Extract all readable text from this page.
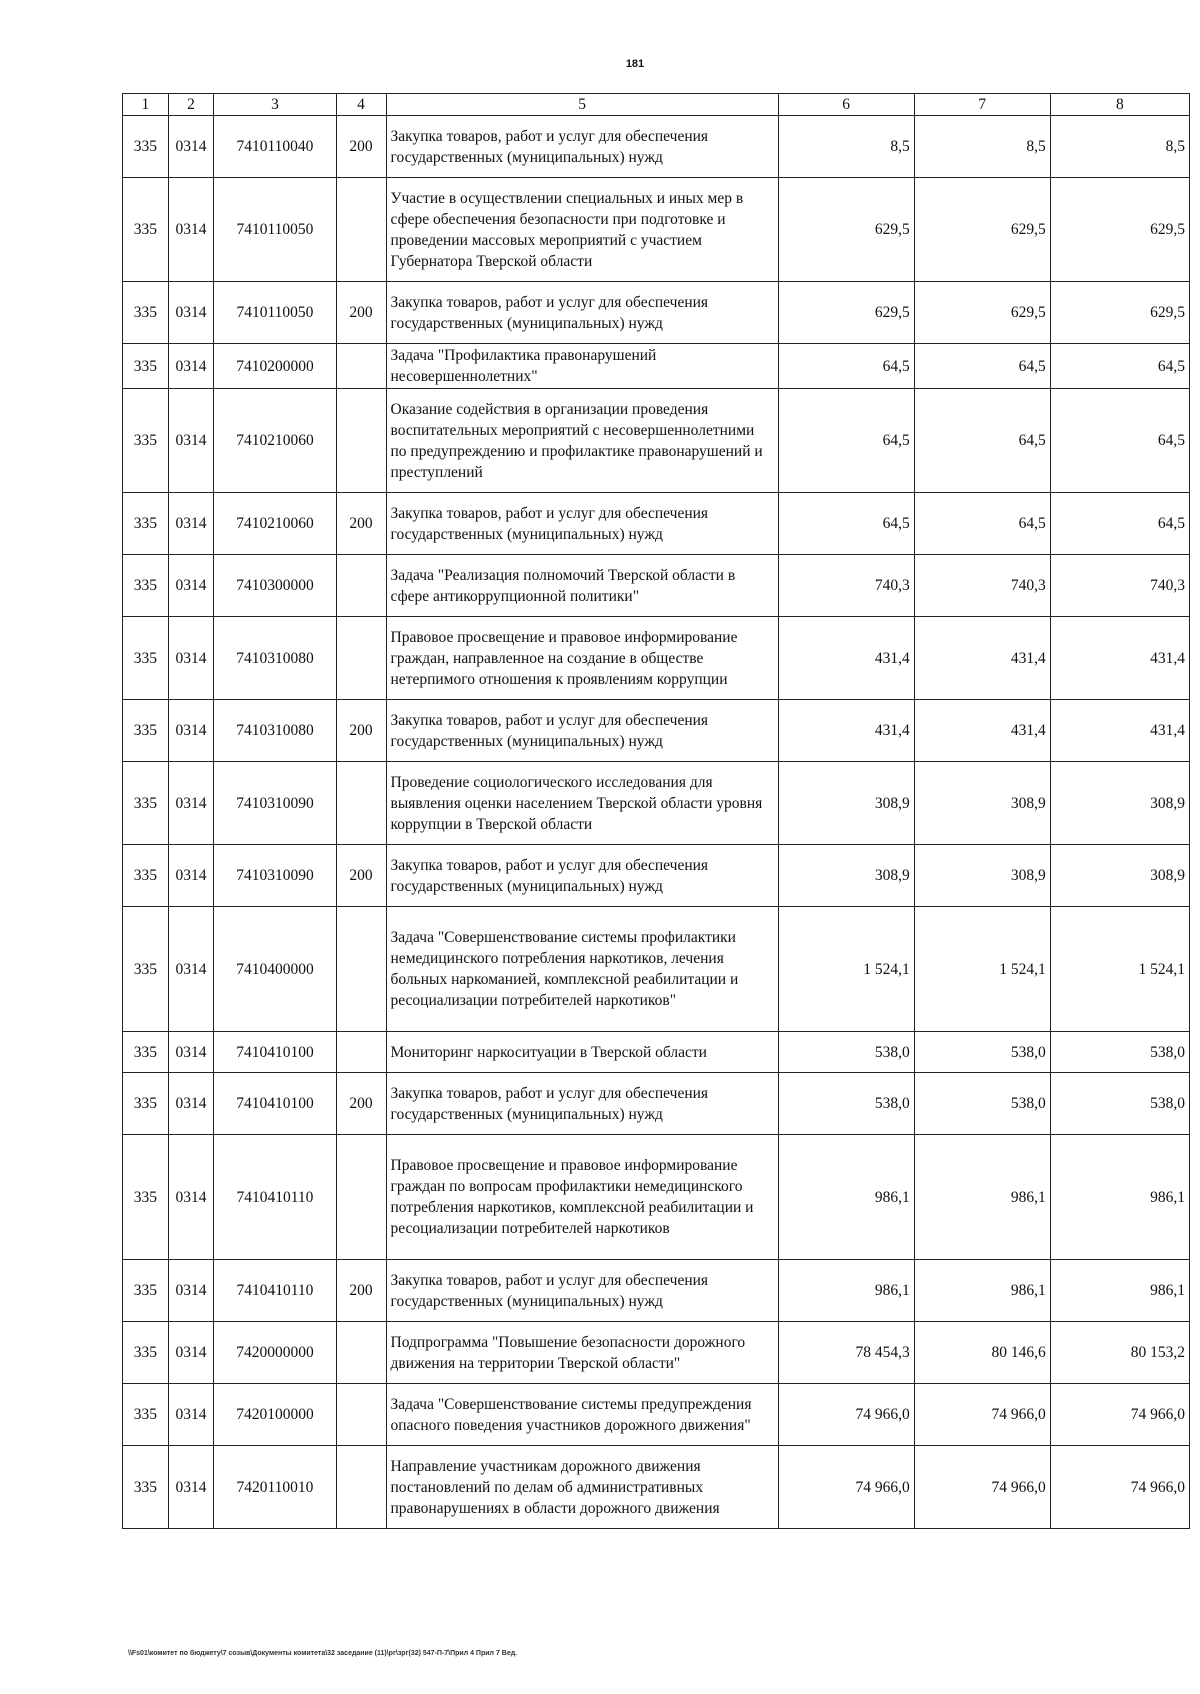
181
1	2	3	4	5	6	7	8
335	0314	7410110040	200	Закупка товаров, работ и услуг для обеспечения государственных (муниципальных) нужд	8,5	8,5	8,5
335	0314	7410110050		Участие в осуществлении специальных и иных мер в сфере обеспечения безопасности при подготовке и проведении массовых мероприятий с участием Губернатора Тверской области	629,5	629,5	629,5
335	0314	7410110050	200	Закупка товаров, работ и услуг для обеспечения государственных (муниципальных) нужд	629,5	629,5	629,5
335	0314	7410200000		Задача "Профилактика правонарушений несовершеннолетних"	64,5	64,5	64,5
335	0314	7410210060		Оказание содействия в организации проведения воспитательных мероприятий с несовершеннолетними по предупреждению и профилактике правонарушений и преступлений	64,5	64,5	64,5
335	0314	7410210060	200	Закупка товаров, работ и услуг для обеспечения государственных (муниципальных) нужд	64,5	64,5	64,5
335	0314	7410300000		Задача "Реализация полномочий Тверской области в сфере антикоррупционной политики"	740,3	740,3	740,3
335	0314	7410310080		Правовое просвещение и правовое информирование граждан, направленное на создание в обществе нетерпимого отношения к проявлениям коррупции	431,4	431,4	431,4
335	0314	7410310080	200	Закупка товаров, работ и услуг для обеспечения государственных (муниципальных) нужд	431,4	431,4	431,4
335	0314	7410310090		Проведение социологического исследования для выявления оценки населением Тверской области уровня коррупции в Тверской области	308,9	308,9	308,9
335	0314	7410310090	200	Закупка товаров, работ и услуг для обеспечения государственных (муниципальных) нужд	308,9	308,9	308,9
335	0314	7410400000		Задача "Совершенствование системы профилактики немедицинского потребления наркотиков, лечения больных наркоманией, комплексной реабилитации и ресоциализации потребителей наркотиков"	1 524,1	1 524,1	1 524,1
335	0314	7410410100		Мониторинг наркоситуации в Тверской области	538,0	538,0	538,0
335	0314	7410410100	200	Закупка товаров, работ и услуг для обеспечения государственных (муниципальных) нужд	538,0	538,0	538,0
335	0314	7410410110		Правовое просвещение и правовое информирование граждан по вопросам профилактики немедицинского потребления наркотиков, комплексной реабилитации и ресоциализации потребителей наркотиков	986,1	986,1	986,1
335	0314	7410410110	200	Закупка товаров, работ и услуг для обеспечения государственных (муниципальных) нужд	986,1	986,1	986,1
335	0314	7420000000		Подпрограмма "Повышение безопасности дорожного движения на территории Тверской области"	78 454,3	80 146,6	80 153,2
335	0314	7420100000		Задача "Совершенствование системы предупреждения опасного поведения участников дорожного движения"	74 966,0	74 966,0	74 966,0
335	0314	7420110010		Направление участникам дорожного движения постановлений по делам об административных правонарушениях в области дорожного движения	74 966,0	74 966,0	74 966,0
\\Fs01\комитет по бюджету\7 созыв\Документы комитета\32 заседание (11)\рг\зрг(32) 547-П-7\Прил 4 Прил 7 Вед.
